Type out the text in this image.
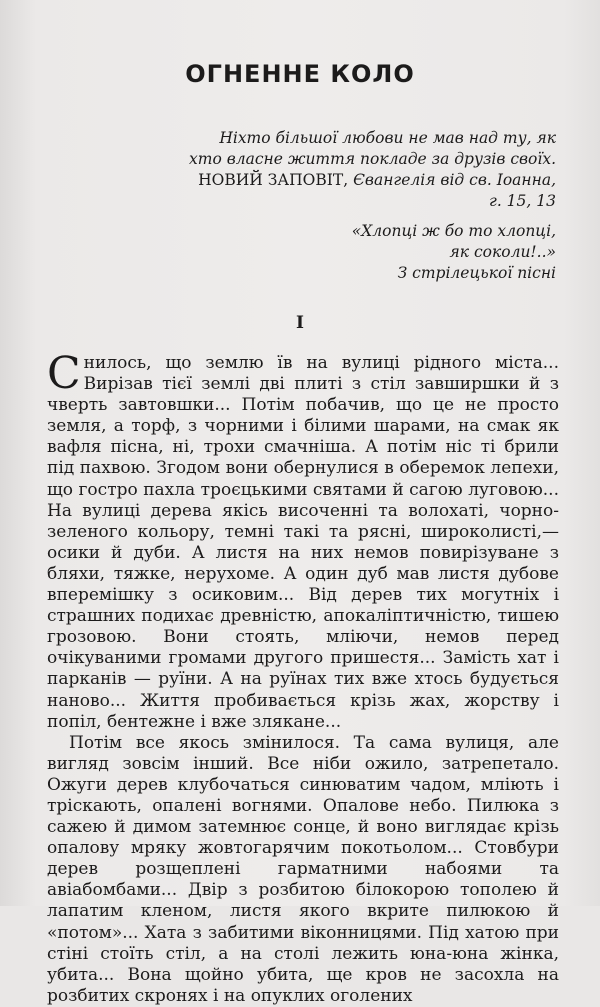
ОГНЕННЕ КОЛО
Ніхто більшої любови не мав над ту, як
хто власне життя покладе за друзів своїх.
НОВИЙ ЗАПОВІТ, Євангелія від св. Іоанна,
г. 15, 13
«Хлопці ж бо то хлопці,
як соколи!..»
З стрілецької пісні
I

Снилось, що землю їв на вулиці рідного міста... Вирізав тієї землі дві плиті з стіл завширшки й з чверть завтовшки... Потім побачив, що це не просто земля, а торф, з чорними і білими шарами, на смак як вафля пісна, ні, трохи смачніша. А потім ніс ті брили під пахвою. Згодом вони обернулися в оберемок лепехи, що гостро пахла троєцькими святами й сагою луговою... На вулиці дерева якісь височенні та волохаті, чорно-зеленого кольору, темні такі та рясні, широколисті,— осики й дуби. А листя на них немов повирізуване з бляхи, тяжке, нерухоме. А один дуб мав листя дубове вперемішку з осиковим... Від дерев тих могутніх і страшних подихає древністю, апокаліптичністю, тишею грозовою. Вони стоять, мліючи, немов перед очікуваними громами другого пришестя... Замість хат і парканів — руїни. А на руїнах тих вже хтось будується наново... Життя пробивається крізь жах, жорству і попіл, бентежне і вже злякане...

Потім все якось змінилося. Та сама вулиця, але вигляд зовсім інший. Все ніби ожило, затрепетало. Ожуги дерев клубочаться синюватим чадом, мліють і тріскають, опалені вогнями. Опалове небо. Пилюка з сажею й димом затемнює сонце, й воно виглядає крізь опалову мряку жовтогарячим покотьолом... Стовбури дерев розщеплені гарматними набоями та авіабомбами... Двір з розбитою білокорою тополею й лапатим кленом, листя якого вкрите пилюкою й «потом»... Хата з забитими віконницями. Під хатою при стіні стоїть стіл, а на столі лежить юна-юна жінка, убита... Вона щойно убита, ще кров не засохла на розбитих скронях і на опуклих оголених
